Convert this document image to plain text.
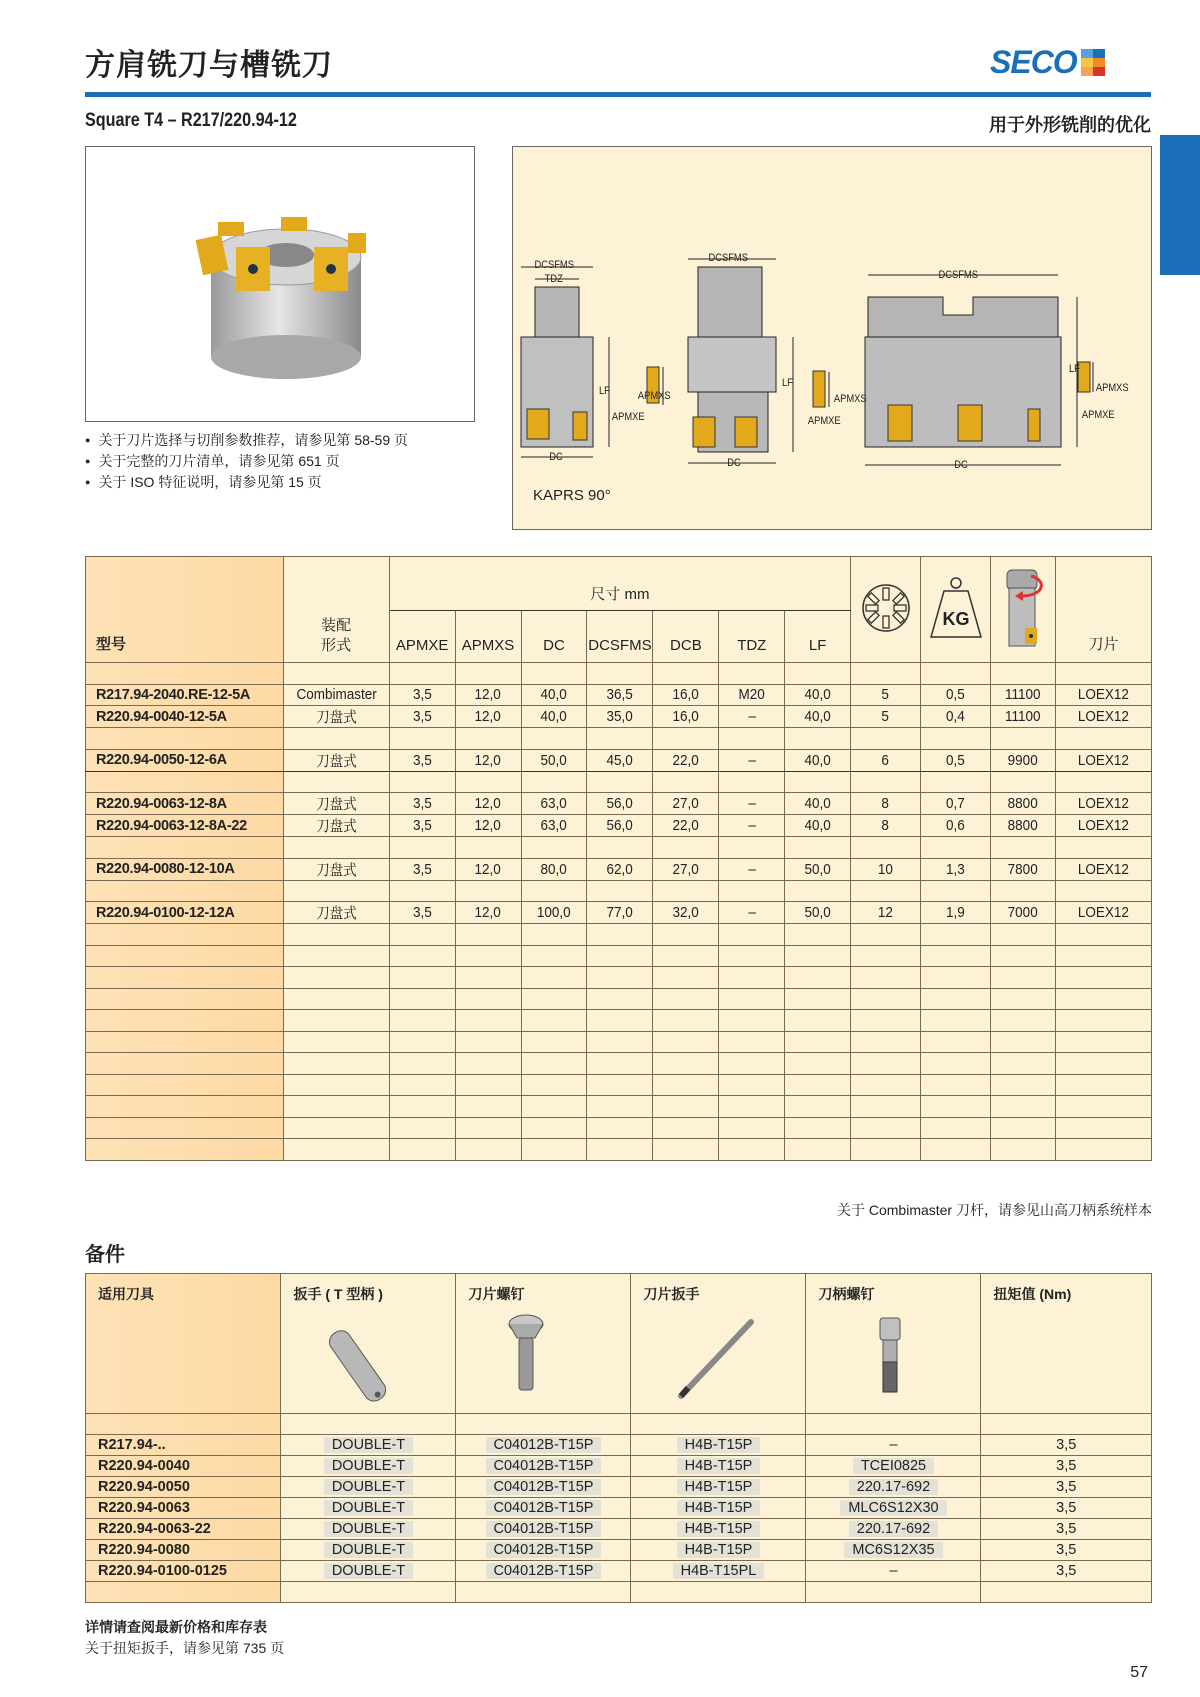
方肩铣刀与槽铣刀	SECO
Square T4 – R217/220.94-12	用于外形铣削的优化
● 关于刀片选择与切削参数推荐，请参见第 58-59 页
● 关于完整的刀片清单，请参见第 651 页
● 关于 ISO 特征说明，请参见第 15 页
DCSFMS
TDZ
LF
DC
APMXS
APMXE
DCSFMS
LF
DC
APMXS
APMXE
DCSFMS
LF
DC
APMXS
APMXE
KAPRS 90°
型号	装配
形式	尺寸 mm								KG		刀片
		APMXE	APMXS	DC	DCSFMS	DCB	TDZ	LF				

R217.94-2040.RE-12-5A	Combimaster	3,5	12,0	40,0	36,5	16,0	M20	40,0	5	0,5	11100	LOEX12
R220.94-0040-12-5A	刀盘式	3,5	12,0	40,0	35,0	16,0	–	40,0	5	0,4	11100	LOEX12

R220.94-0050-12-6A	刀盘式	3,5	12,0	50,0	45,0	22,0	–	40,0	6	0,5	9900	LOEX12

R220.94-0063-12-8A	刀盘式	3,5	12,0	63,0	56,0	27,0	–	40,0	8	0,7	8800	LOEX12
R220.94-0063-12-8A-22	刀盘式	3,5	12,0	63,0	56,0	22,0	–	40,0	8	0,6	8800	LOEX12

R220.94-0080-12-10A	刀盘式	3,5	12,0	80,0	62,0	27,0	–	50,0	10	1,3	7800	LOEX12

R220.94-0100-12-12A	刀盘式	3,5	12,0	100,0	77,0	32,0	–	50,0	12	1,9	7000	LOEX12

关于 Combimaster 刀杆，请参见山高刀柄系统样本
备件
适用刀具	扳手 ( T 型柄 )	刀片螺钉	刀片扳手	刀柄螺钉	扭矩值 (Nm)

R217.94-..	DOUBLE-T	C04012B-T15P	H4B-T15P	–	3,5
R220.94-0040	DOUBLE-T	C04012B-T15P	H4B-T15P	TCEI0825	3,5
R220.94-0050	DOUBLE-T	C04012B-T15P	H4B-T15P	220.17-692	3,5
R220.94-0063	DOUBLE-T	C04012B-T15P	H4B-T15P	MLC6S12X30	3,5
R220.94-0063-22	DOUBLE-T	C04012B-T15P	H4B-T15P	220.17-692	3,5
R220.94-0080	DOUBLE-T	C04012B-T15P	H4B-T15P	MC6S12X35	3,5
R220.94-0100-0125	DOUBLE-T	C04012B-T15P	H4B-T15PL	–	3,5

详情请查阅最新价格和库存表
关于扭矩扳手，请参见第 735 页
57
